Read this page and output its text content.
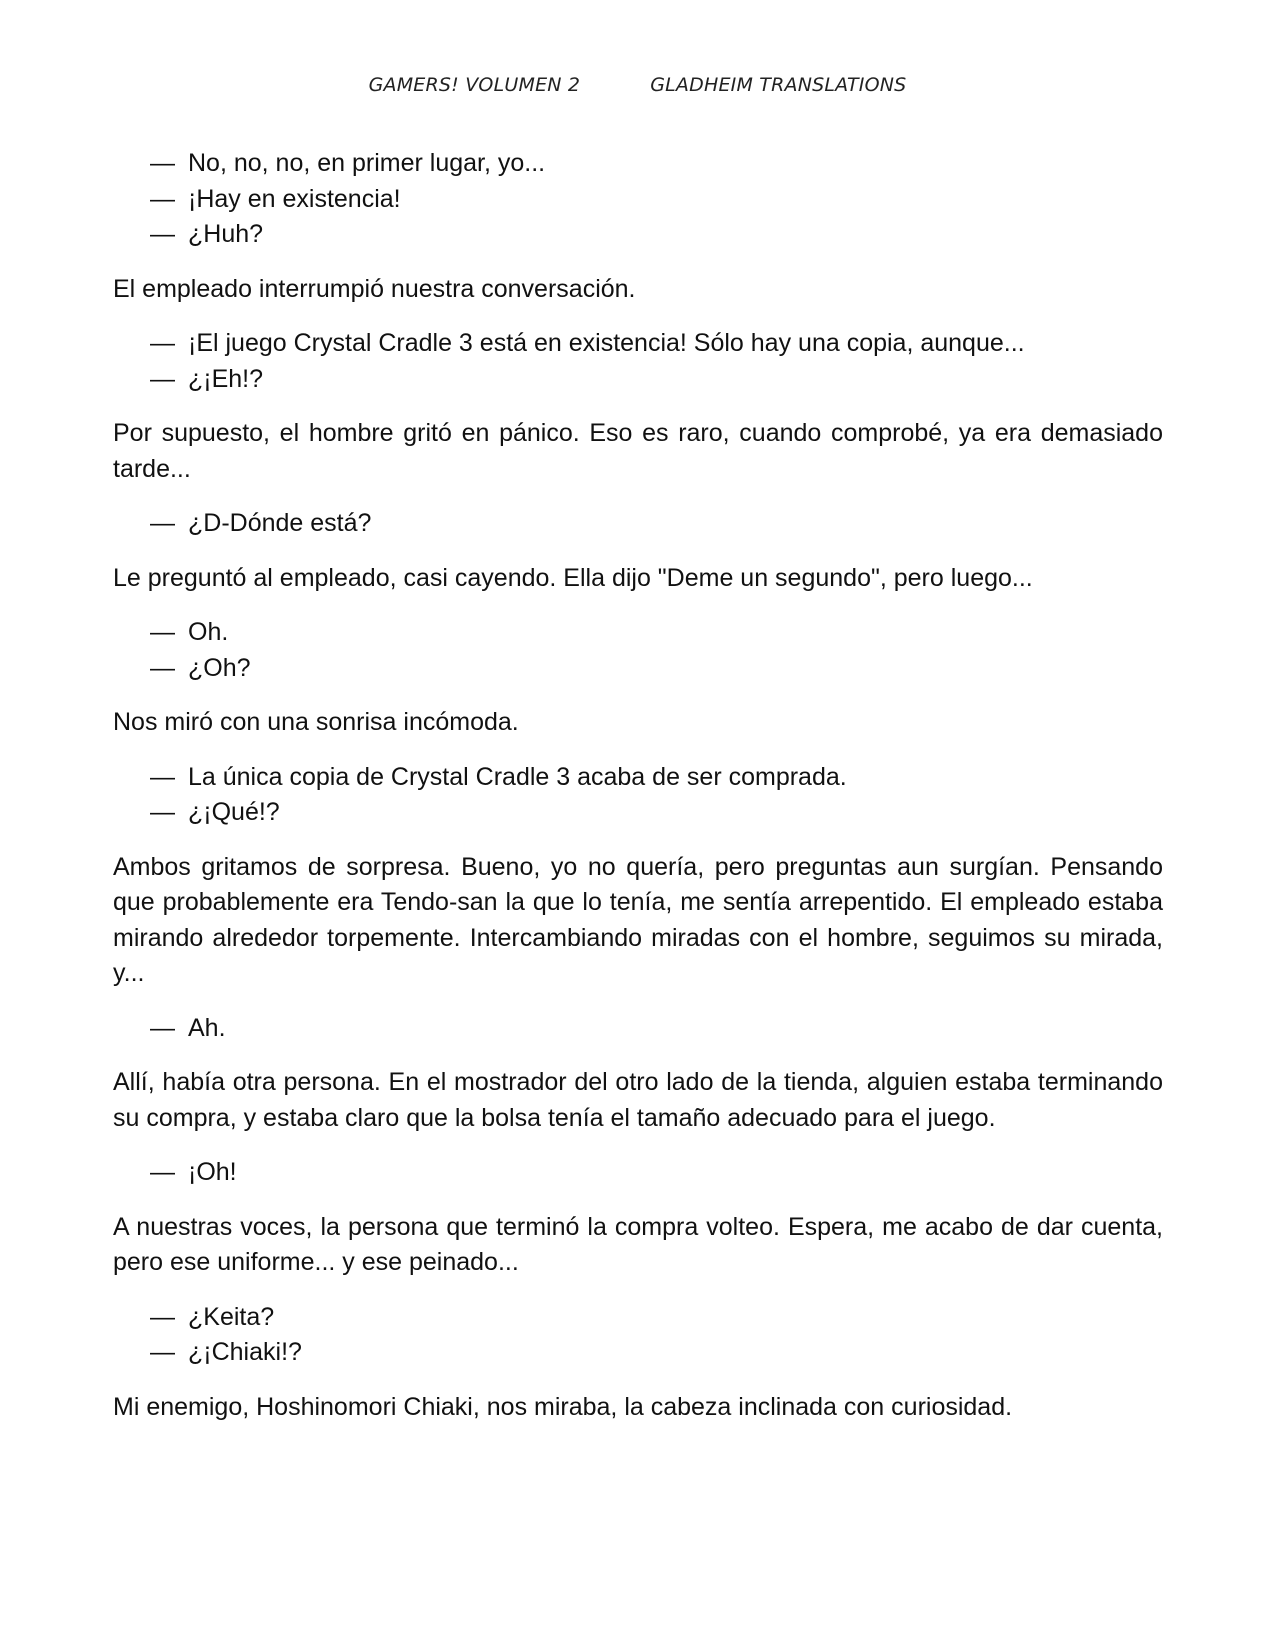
GAMERS! VOLUMEN 2	GLADHEIM TRANSLATIONS
— No, no, no, en primer lugar, yo...
— ¡Hay en existencia!
— ¿Huh?

El empleado interrumpió nuestra conversación.

— ¡El juego Crystal Cradle 3 está en existencia! Sólo hay una copia, aunque...
— ¿¡Eh!?

Por supuesto, el hombre gritó en pánico. Eso es raro, cuando comprobé, ya era demasiado tarde...

— ¿D-Dónde está?

Le preguntó al empleado, casi cayendo. Ella dijo "Deme un segundo", pero luego...

— Oh.
— ¿Oh?

Nos miró con una sonrisa incómoda.

— La única copia de Crystal Cradle 3 acaba de ser comprada.
— ¿¡Qué!?

Ambos gritamos de sorpresa. Bueno, yo no quería, pero preguntas aun surgían. Pensando que probablemente era Tendo-san la que lo tenía, me sentía arrepentido. El empleado estaba mirando alrededor torpemente. Intercambiando miradas con el hombre, seguimos su mirada, y...

— Ah.

Allí, había otra persona. En el mostrador del otro lado de la tienda, alguien estaba terminando su compra, y estaba claro que la bolsa tenía el tamaño adecuado para el juego.

— ¡Oh!

A nuestras voces, la persona que terminó la compra volteo. Espera, me acabo de dar cuenta, pero ese uniforme... y ese peinado...

— ¿Keita?
— ¿¡Chiaki!?

Mi enemigo, Hoshinomori Chiaki, nos miraba, la cabeza inclinada con curiosidad.
